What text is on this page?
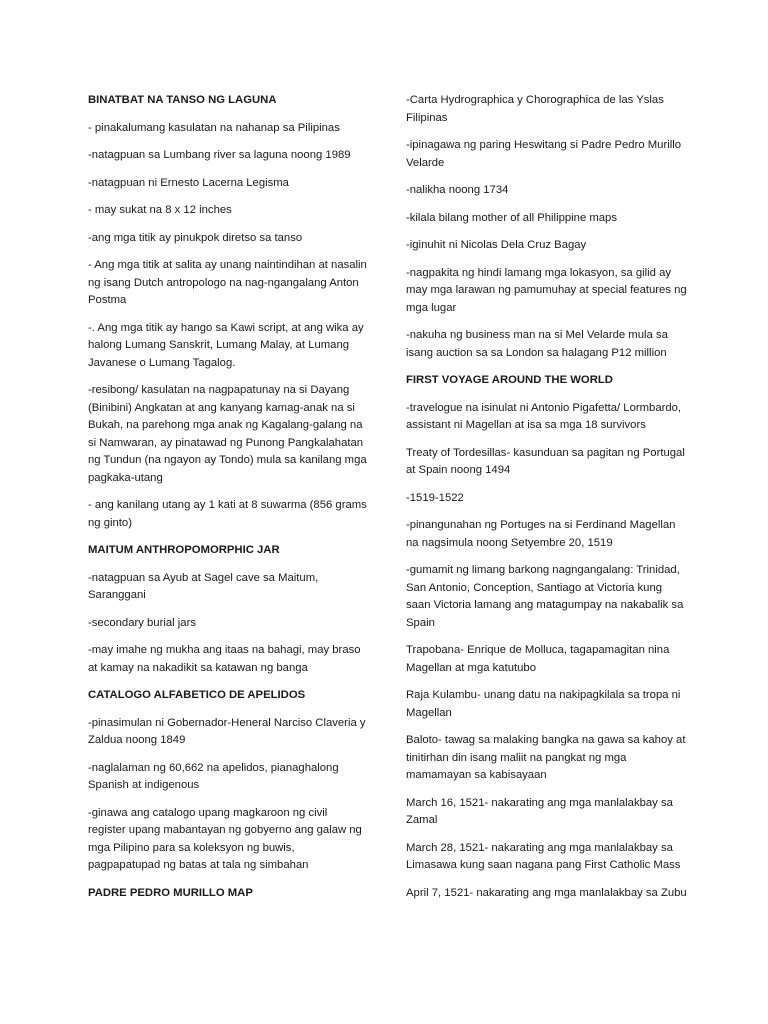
BINATBAT NA TANSO NG LAGUNA
- pinakalumang kasulatan na nahanap sa Pilipinas
-natagpuan sa Lumbang river sa laguna noong 1989
-natagpuan ni Ernesto Lacerna Legisma
- may sukat na 8 x 12 inches
-ang mga titik ay pinukpok diretso sa tanso
- Ang mga titik at salita ay unang naintindihan at nasalin ng isang Dutch antropologo na nag-ngangalang Anton Postma
-. Ang mga titik ay hango sa Kawi script, at ang wika ay halong Lumang Sanskrit, Lumang Malay, at Lumang Javanese o Lumang Tagalog.
-resibong/ kasulatan na nagpapatunay na si Dayang (Binibini) Angkatan at ang kanyang kamag-anak na si Bukah, na parehong mga anak ng Kagalang-galang na si Namwaran, ay pinatawad ng Punong Pangkalahatan ng Tundun (na ngayon ay Tondo) mula sa kanilang mga pagkaka-utang
- ang kanilang utang ay 1 kati at 8 suwarma (856 grams ng ginto)
MAITUM ANTHROPOMORPHIC JAR
-natagpuan sa Ayub at Sagel cave sa Maitum, Saranggani
-secondary burial jars
-may imahe ng mukha ang itaas na bahagi, may braso at kamay na nakadikit sa katawan ng banga
CATALOGO ALFABETICO DE APELIDOS
-pinasimulan ni Gobernador-Heneral Narciso Claveria y Zaldua noong 1849
-naglalaman ng 60,662 na apelidos, pianaghalong Spanish at indigenous
-ginawa ang catalogo upang magkaroon ng civil register upang mabantayan ng gobyerno ang galaw ng mga Pilipino para sa koleksyon ng buwis, pagpapatupad ng batas at tala ng simbahan
PADRE PEDRO MURILLO MAP
-Carta Hydrographica y Chorographica de las Yslas Filipinas
-ipinagawa ng paring Heswitang si Padre Pedro Murillo Velarde
-nalikha noong 1734
-kilala bilang mother of all Philippine maps
-iginuhit ni Nicolas Dela Cruz Bagay
-nagpakita ng hindi lamang mga lokasyon, sa gilid ay may mga larawan ng pamumuhay at special features ng mga lugar
-nakuha ng business man na si Mel Velarde mula sa isang auction sa sa London sa halagang P12 million
FIRST VOYAGE AROUND THE WORLD
-travelogue na isinulat ni Antonio Pigafetta/ Lormbardo, assistant ni Magellan at isa sa mga 18 survivors
Treaty of Tordesillas- kasunduan sa pagitan ng Portugal at Spain noong 1494
-1519-1522
-pinangunahan ng Portuges na si Ferdinand Magellan na nagsimula noong Setyembre 20, 1519
-gumamit ng limang barkong nagngangalang: Trinidad, San Antonio, Conception, Santiago at Victoria kung saan Victoria lamang ang matagumpay na nakabalik sa Spain
Trapobana- Enrique de Molluca, tagapamagitan nina Magellan at mga katutubo
Raja Kulambu- unang datu na nakipagkilala sa tropa ni Magellan
Baloto- tawag sa malaking bangka na gawa sa kahoy at tinitirhan din isang maliit na pangkat ng mga mamamayan sa kabisayaan
March 16, 1521- nakarating ang mga manlalakbay sa Zamal
March 28, 1521- nakarating ang mga manlalakbay sa Limasawa kung saan nagana pang First Catholic Mass
April 7, 1521- nakarating ang mga manlalakbay sa Zubu
